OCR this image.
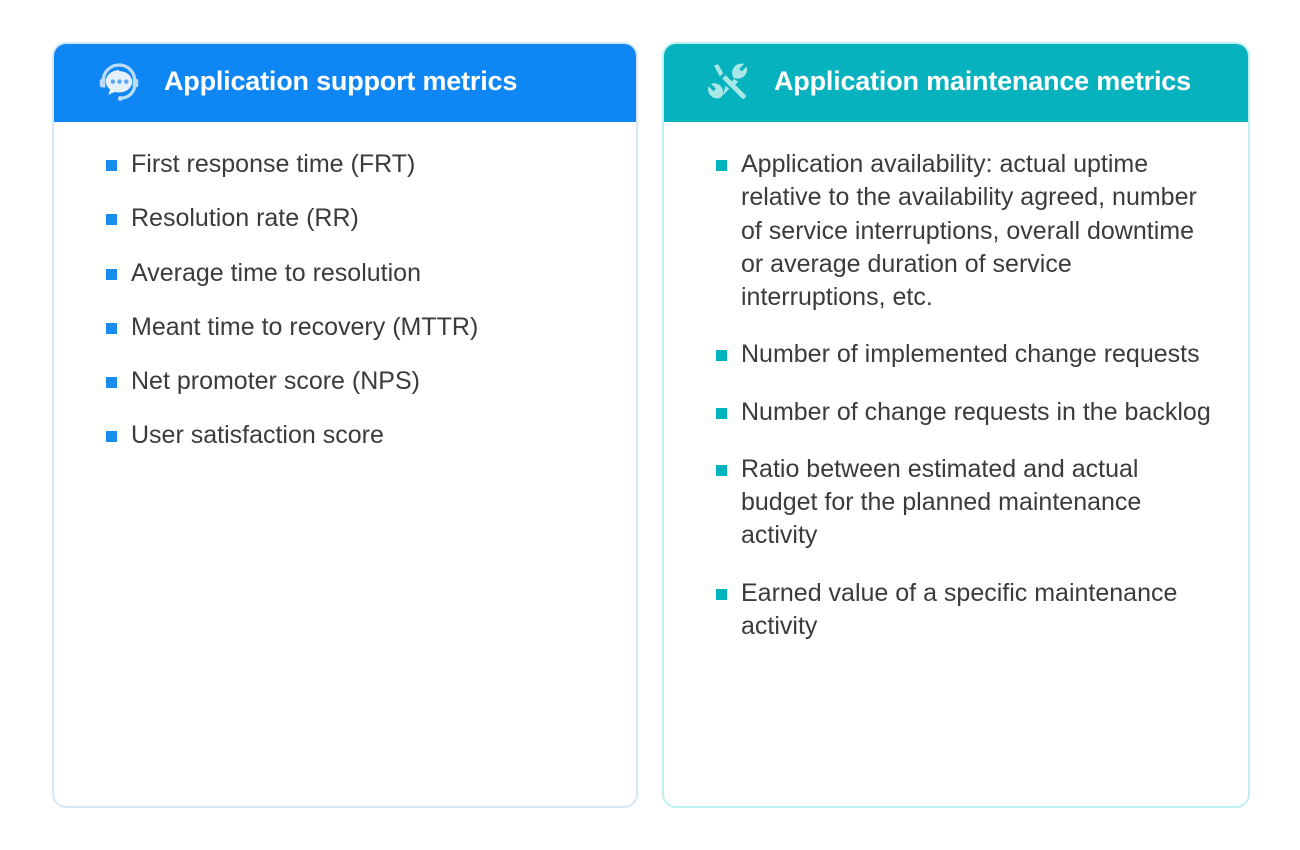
Application support metrics
First response time (FRT)
Resolution rate (RR)
Average time to resolution
Meant time to recovery (MTTR)
Net promoter score (NPS)
User satisfaction score
Application maintenance metrics
Application availability: actual uptime relative to the availability agreed, number of service interruptions, overall downtime or average duration of service interruptions, etc.
Number of implemented change requests
Number of change requests in the backlog
Ratio between estimated and actual budget for the planned maintenance activity
Earned value of a specific maintenance activity
